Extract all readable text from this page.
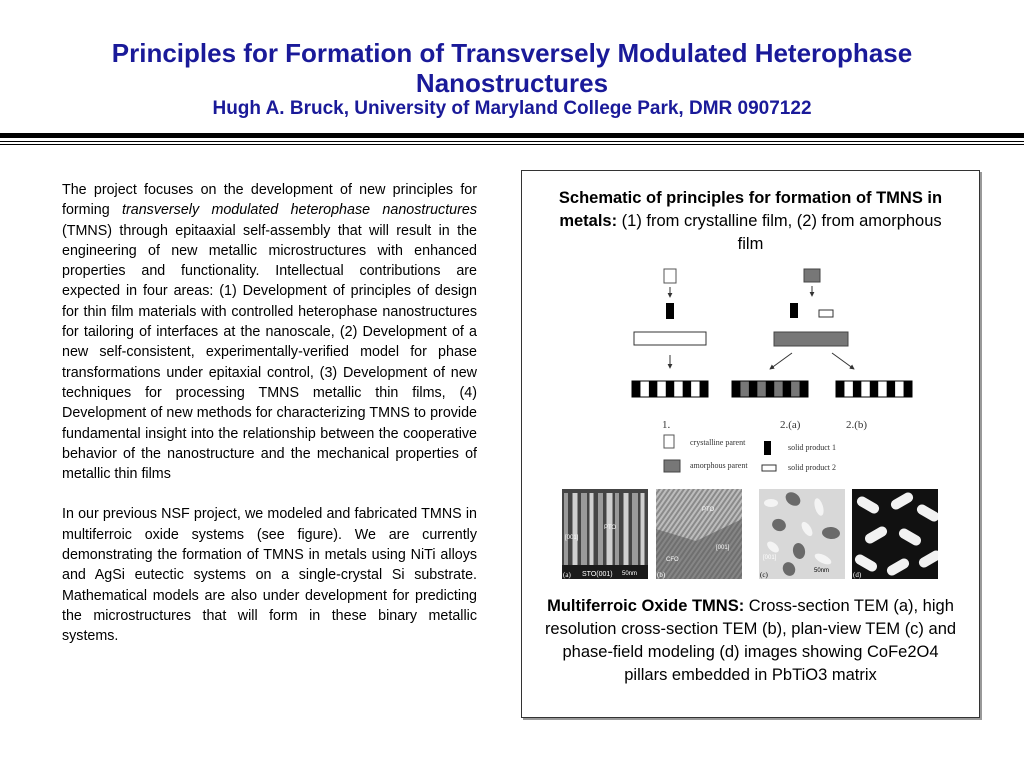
Principles for Formation of Transversely Modulated Heterophase
Nanostructures
Hugh A. Bruck, University of Maryland College Park, DMR 0907122

The project focuses on the development of new principles for forming transversely modulated heterophase nanostructures (TMNS) through epitaaxial self-assembly that will result in the engineering of new metallic microstructures with enhanced properties and functionality. Intellectual contributions are expected in four areas: (1) Development of principles of design for thin film materials with controlled heterophase nanostructures for tailoring of interfaces at the nanoscale, (2) Development of a new self-consistent, experimentally-verified model for phase transformations under epitaxial control, (3) Development of new techniques for processing TMNS metallic thin films, (4) Development of new methods for characterizing TMNS to provide fundamental insight into the relationship between the cooperative behavior of the nanostructure and the mechanical properties of metallic thin films

In our previous NSF project, we modeled and fabricated TMNS in multiferroic oxide systems (see figure). We are currently demonstrating the formation of TMNS in metals using NiTi alloys and AgSi eutectic systems on a single-crystal Si substrate. Mathematical models are also under development for predicting the microstructures that will form in these binary metallic systems.

Schematic of principles for formation of TMNS in metals: (1) from crystalline film, (2) from amorphous film
1.	2.(a)	2.(b)
crystalline parent
amorphous parent
solid product 1
solid product 2
STO(001)
PTO
[001]
50nm
(a)
PTO
CFO
[001]
(b)
[001]
50nm
(c)	(d)
Multiferroic Oxide TMNS: Cross-section TEM (a), high resolution cross-section TEM (b), plan-view TEM (c) and phase-field modeling (d) images showing CoFe2O4 pillars embedded in PbTiO3 matrix
